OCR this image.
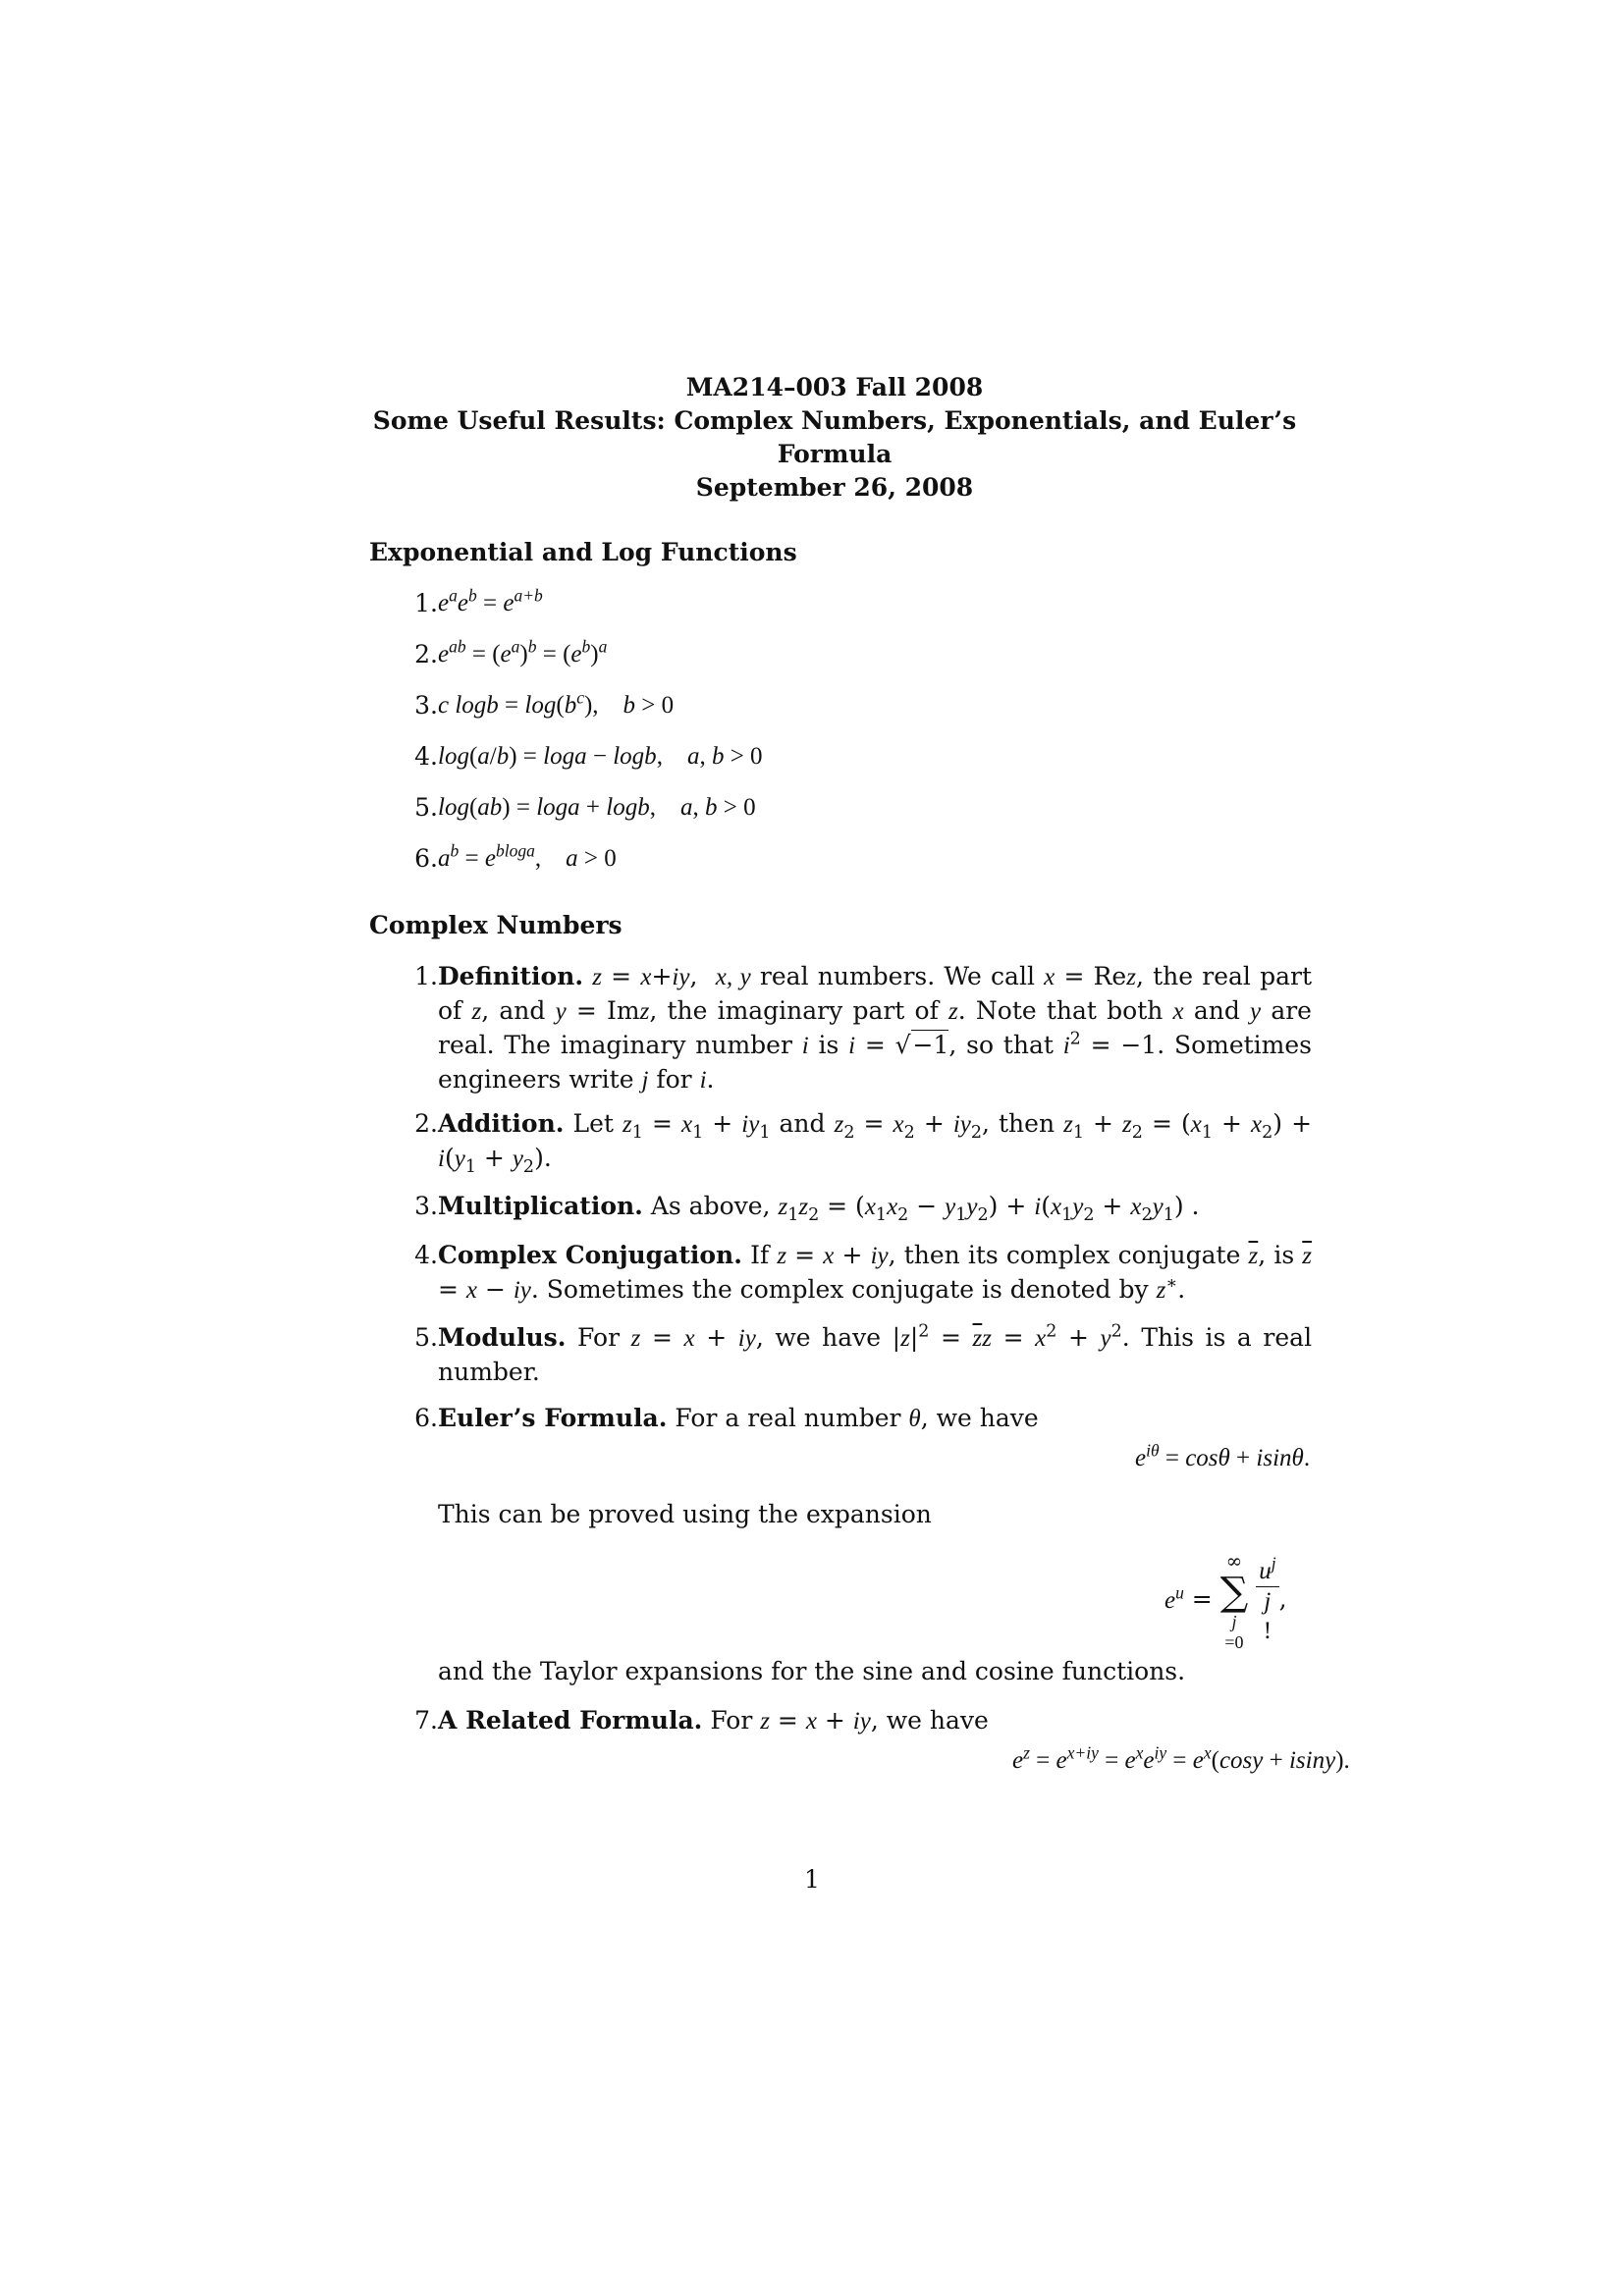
MA214–003 Fall 2008
Some Useful Results: Complex Numbers, Exponentials, and Euler’s
Formula
September 26, 2008
Exponential and Log Functions
1. $e^ae^b = e^{a+b}$
2. $e^{ab} = (e^a)^b = (e^b)^a$
3. c $\log b = \log(b^c)$,    b > 0
4. log(a/b) = loga − logb,    a, b > 0
5. log(ab) = loga + logb,    a, b > 0
6. $a^b = e^{bloga}$,    a > 0
Complex Numbers
1. Definition. z = x+iy,  x, y real numbers. We call x = Rez, the real part of z, and y = Imz, the imaginary part of z. Note that both x and y are real. The imaginary number i is i = √−1, so that $i^2 = -1$. Sometimes engineers write j for i.
2. Addition. Let $z_1 = x_1 + iy_1$ and $z_2 = x_2 + iy_2$, then $z_1 + z_2 = (x_1 + x_2) + i(y_1 + y_2)$.
3. Multiplication. As above, $z_1z_2 = (x_1x_2 - y_1y_2) + i(x_1y_2 + x_2y_1)$ .
4. Complex Conjugation. If z = x + iy, then its complex conjugate $\overline{z}$, is $\overline{z} = x$ − iy. Sometimes the complex conjugate is denoted by z∗.
5. Modulus. For z = x + iy, we have $|z|^2 = \overline{z}z = x^2 + y^2$. This is a real number.
6. Euler’s Formula. For a real number θ, we have
$e^{i\theta} = \cos\theta + isin\theta$.
This can be proved using the expansion
$e^u$ =
∞
∑
j
=0
$u^j$
j
! ,
and the Taylor expansions for the sine and cosine functions.
7. A Related Formula. For z = x + iy, we have
$e^z = e^{x+iy} = e^xe^{iy} = e^x(\cos y + isiny)$.
1
